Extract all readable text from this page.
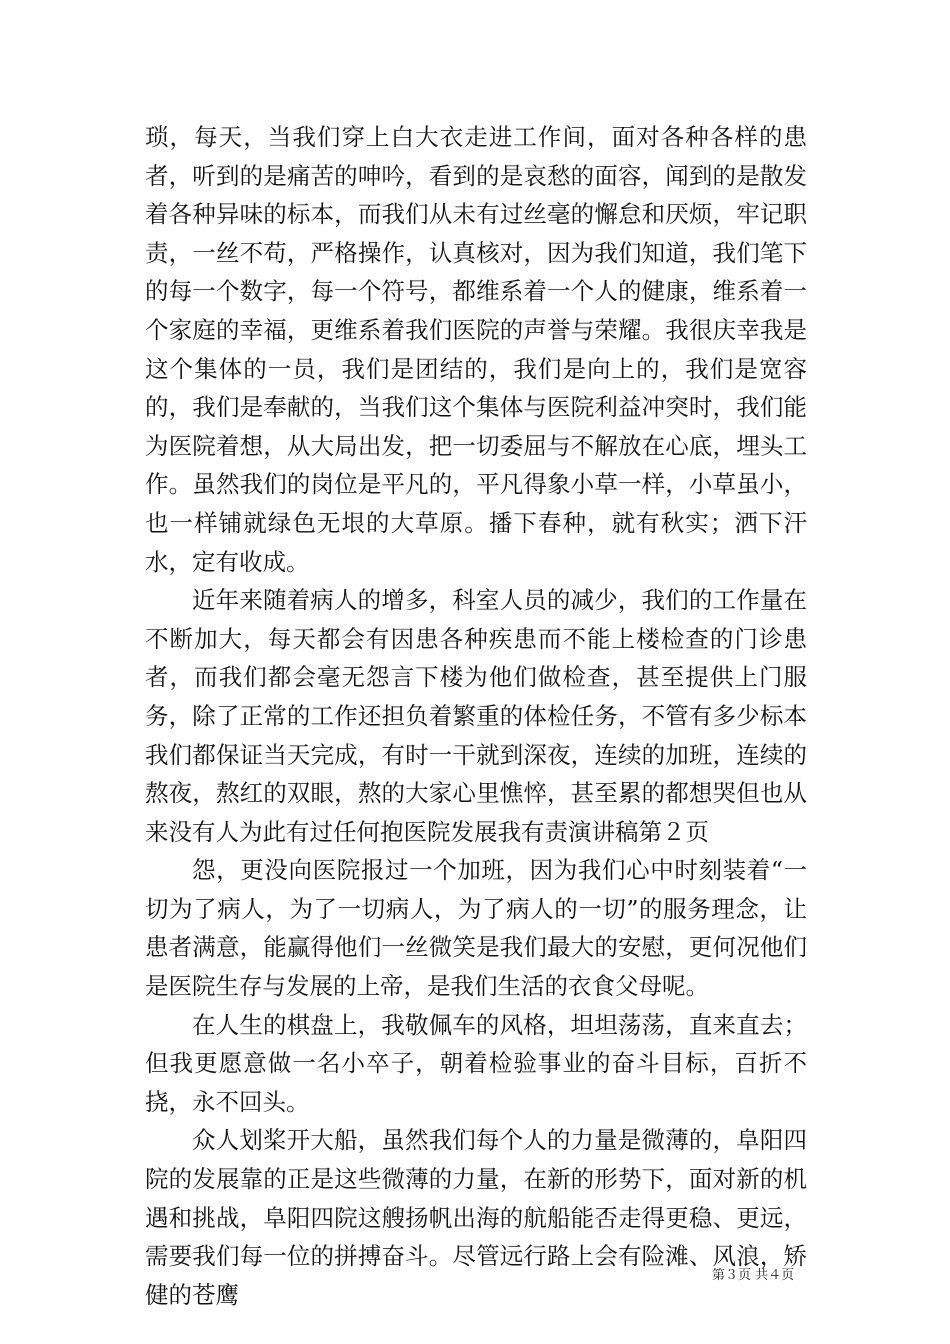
琐，每天，当我们穿上白大衣走进工作间，面对各种各样的患者，听到的是痛苦的呻吟，看到的是哀愁的面容，闻到的是散发着各种异味的标本，而我们从未有过丝毫的懈怠和厌烦，牢记职责，一丝不苟，严格操作，认真核对，因为我们知道，我们笔下的每一个数字，每一个符号，都维系着一个人的健康，维系着一个家庭的幸福，更维系着我们医院的声誉与荣耀。我很庆幸我是这个集体的一员，我们是团结的，我们是向上的，我们是宽容的，我们是奉献的，当我们这个集体与医院利益冲突时，我们能为医院着想，从大局出发，把一切委屈与不解放在心底，埋头工作。虽然我们的岗位是平凡的，平凡得象小草一样，小草虽小，也一样铺就绿色无垠的大草原。播下春种，就有秋实；洒下汗水，定有收成。

近年来随着病人的增多，科室人员的减少，我们的工作量在不断加大，每天都会有因患各种疾患而不能上楼检查的门诊患者，而我们都会毫无怨言下楼为他们做检查，甚至提供上门服务，除了正常的工作还担负着繁重的体检任务，不管有多少标本我们都保证当天完成，有时一干就到深夜，连续的加班，连续的熬夜，熬红的双眼，熬的大家心里憔悴，甚至累的都想哭但也从来没有人为此有过任何抱医院发展我有责演讲稿第２页

怨，更没向医院报过一个加班，因为我们心中时刻装着“一切为了病人，为了一切病人，为了病人的一切”的服务理念，让患者满意，能赢得他们一丝微笑是我们最大的安慰，更何况他们是医院生存与发展的上帝，是我们生活的衣食父母呢。

在人生的棋盘上，我敬佩车的风格，坦坦荡荡，直来直去；但我更愿意做一名小卒子，朝着检验事业的奋斗目标，百折不挠，永不回头。

众人划桨开大船，虽然我们每个人的力量是微薄的，阜阳四院的发展靠的正是这些微薄的力量，在新的形势下，面对新的机遇和挑战，阜阳四院这艘扬帆出海的航船能否走得更稳、更远，需要我们每一位的拼搏奋斗。尽管远行路上会有险滩、风浪，矫健的苍鹰

第３页 共４页
